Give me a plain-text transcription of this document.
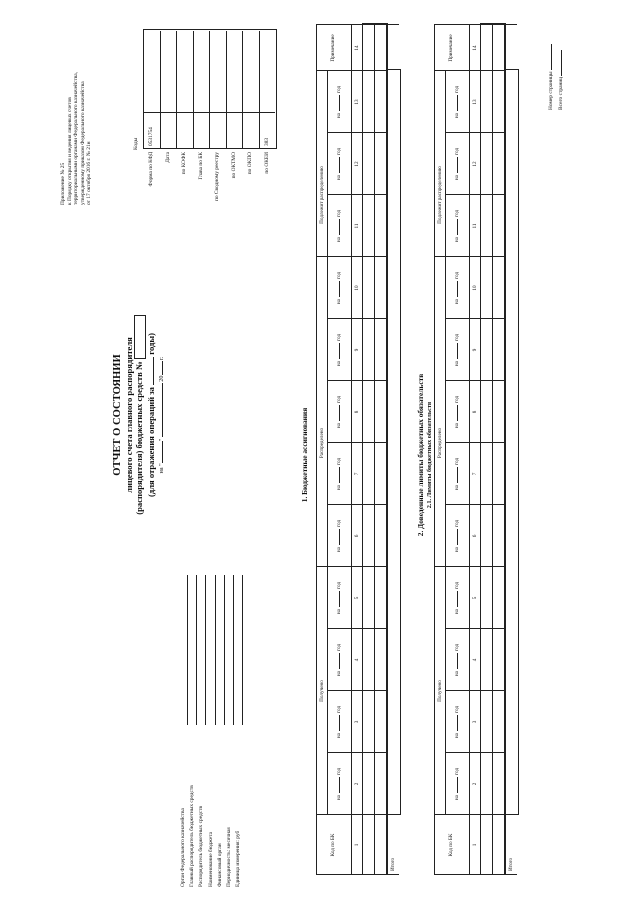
Приложение № 25 к Порядку открытия и ведения лицевых счетов территориальными органами Федерального казначейства, утвержденному приказом Федерального казначейства от 17 октября 2016 г. № 21н
ОТЧЕТ О СОСТОЯНИИ лицевого счета главного распорядителя (распорядителя) бюджетных средств № (для отражения операций за  годы)
на ""  20 г.
Коды
Форма по КФД
0531754
Дата по КОФК Глава по БК по Сводному реестру по ОКТМО по ОКПО по ОКЕИ
383
Орган Федерального казначейства Главный распорядитель бюджетных средств Распорядитель бюджетных средств Наименование бюджета Финансовый орган Периодичность: месячная Единица измерения: руб
1. Бюджетные ассигнования
Код по БК
Получено
Распределено
Подлежит распределению
Примечание
нагод
нагод
нагод
нагод
нагод
нагод
нагод
нагод
нагод
нагод
нагод
нагод
1
2
3
4
5
6
7
8
9
10
11
12
13
14
Итого
2. Доведенные лимиты бюджетных обязательств 2.1. Лимиты бюджетных обязательств
Код по БК
Получено
Распределено
Подлежит распределению
Примечание
нагод
нагод
нагод
нагод
нагод
нагод
нагод
нагод
нагод
нагод
нагод
нагод
1
2
3
4
5
6
7
8
9
10
11
12
13
14
Итого
Номер страницы Всего страниц
